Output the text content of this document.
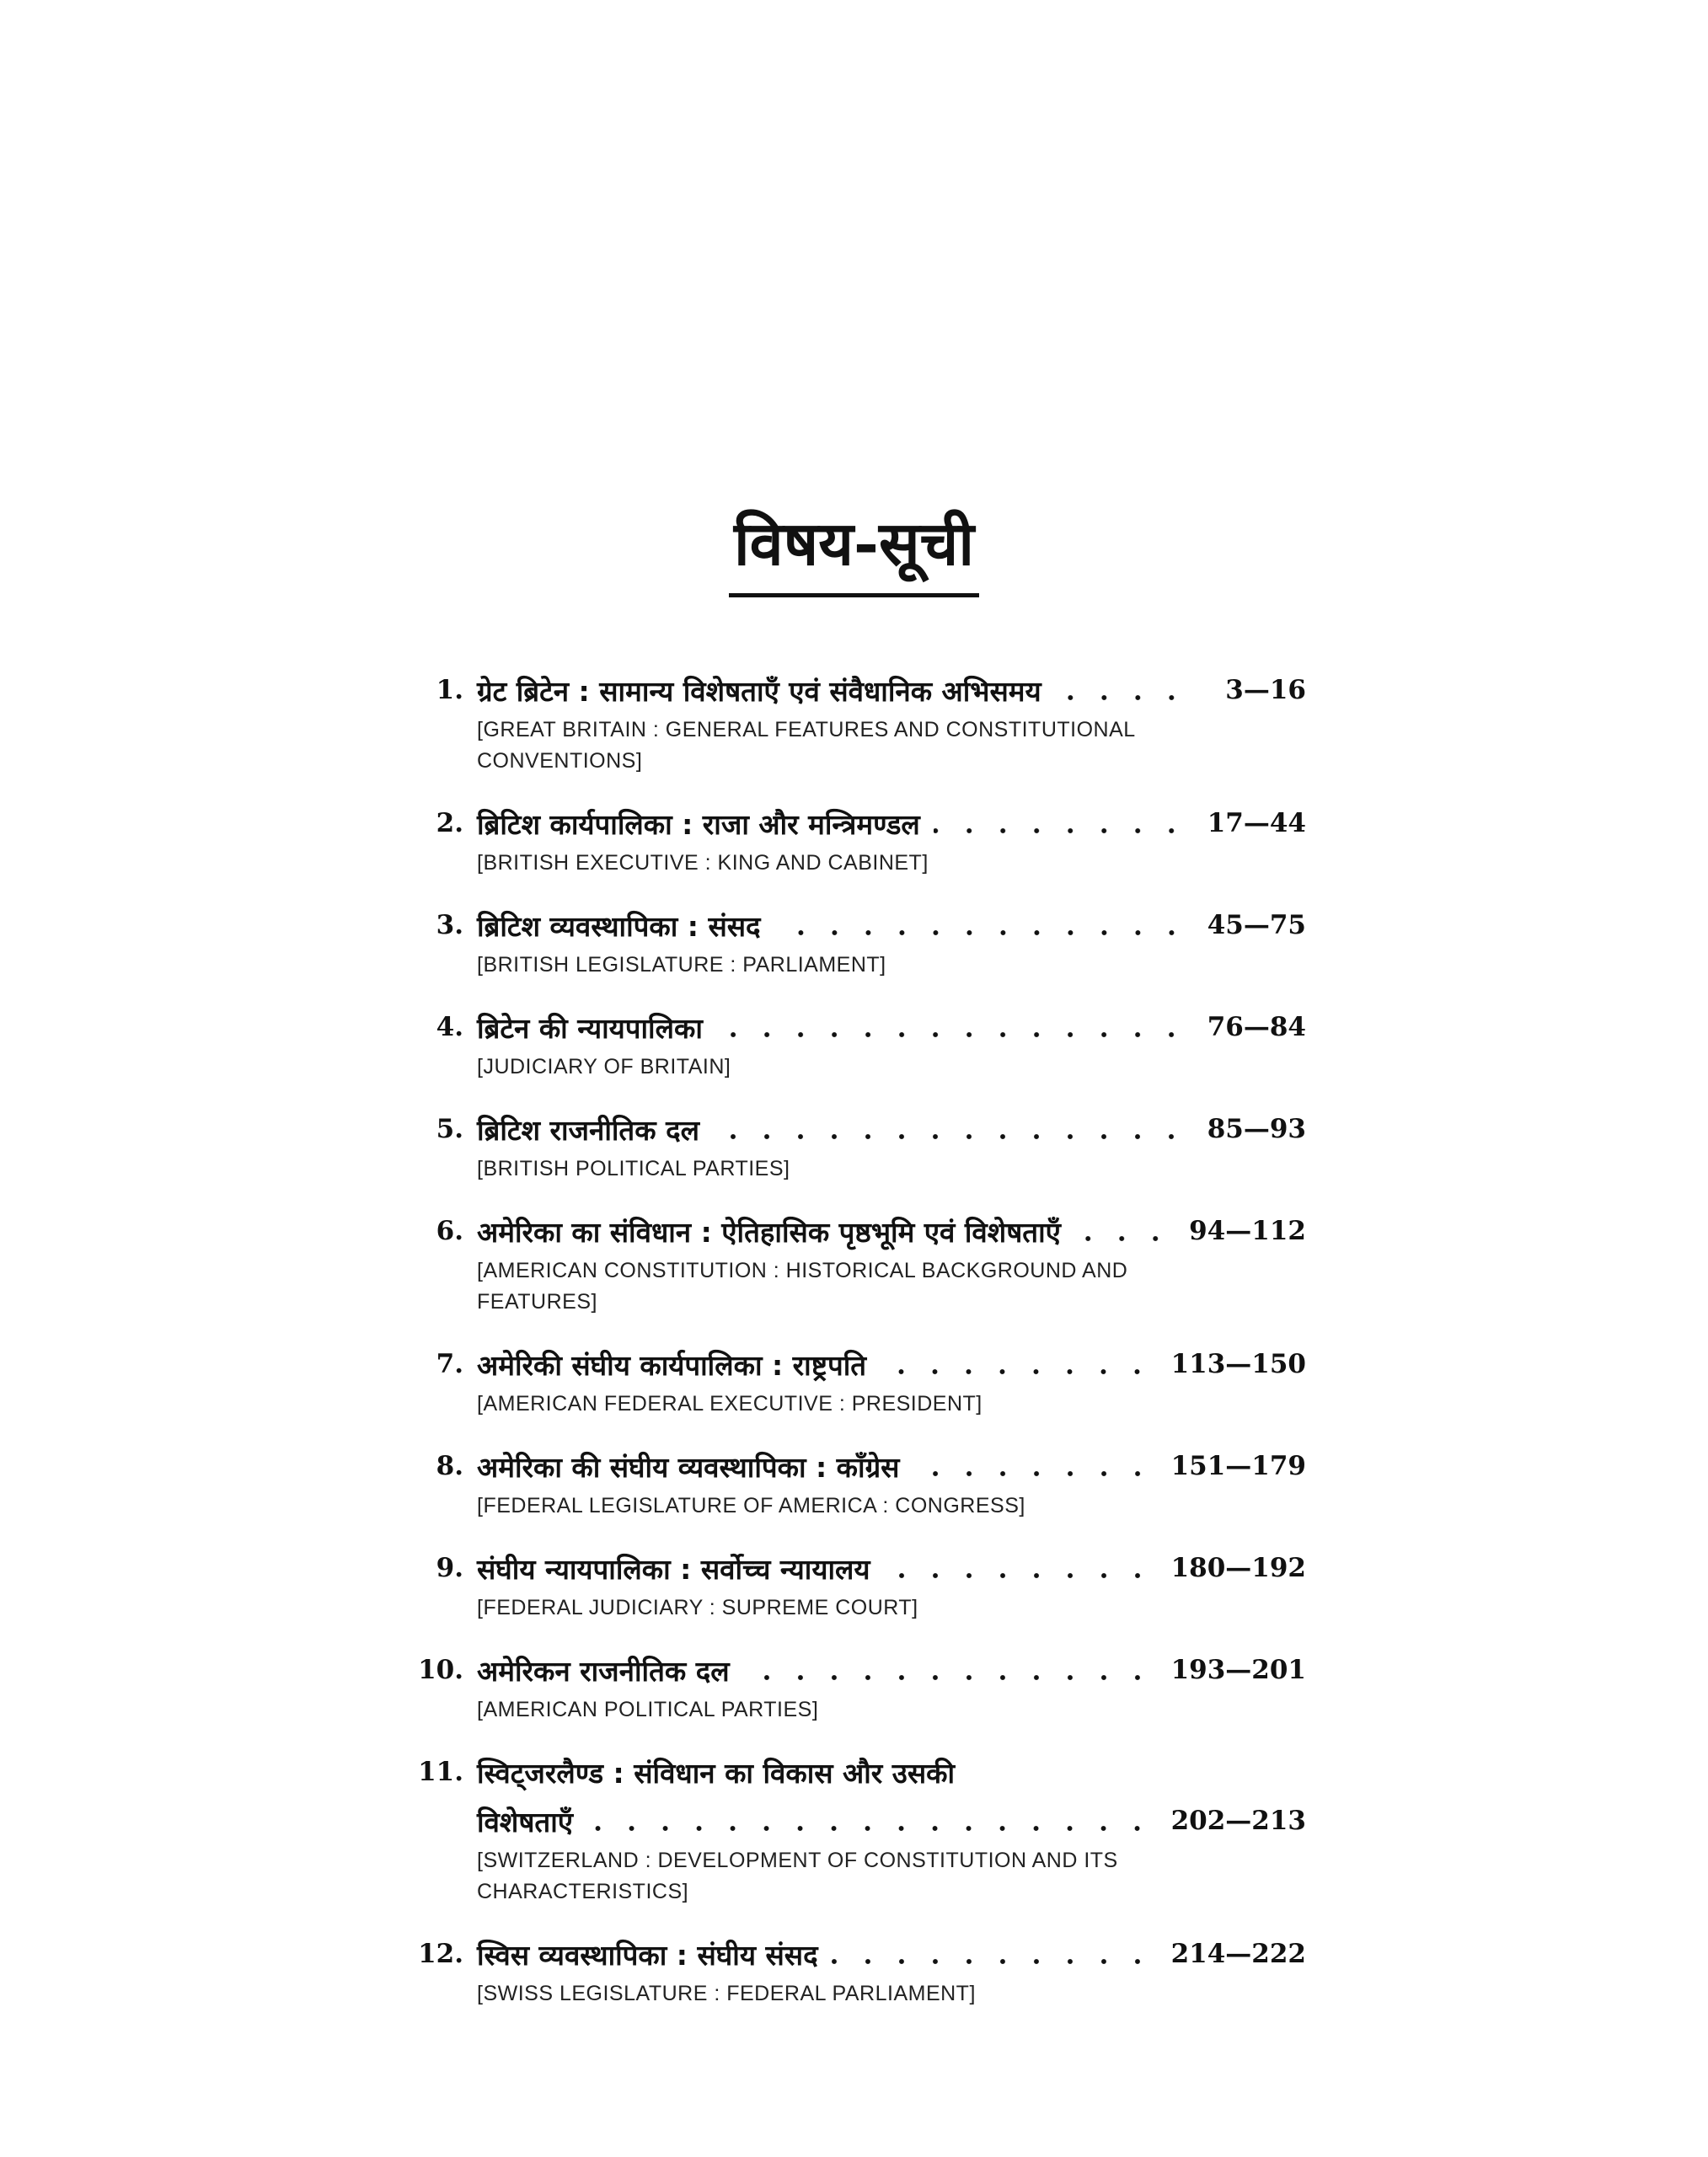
विषय-सूची
1. ग्रेट ब्रिटेन : सामान्य विशेषताएँ एवं संवैधानिक अभिसमय	3—16
[GREAT BRITAIN : GENERAL FEATURES AND CONSTITUTIONAL CONVENTIONS]
2. ब्रिटिश कार्यपालिका : राजा और मन्त्रिमण्डल	17—44
[BRITISH EXECUTIVE : KING AND CABINET]
3. ब्रिटिश व्यवस्थापिका : संसद	45—75
[BRITISH LEGISLATURE : PARLIAMENT]
4. ब्रिटेन की न्यायपालिका	76—84
[JUDICIARY OF BRITAIN]
5. ब्रिटिश राजनीतिक दल	85—93
[BRITISH POLITICAL PARTIES]
6. अमेरिका का संविधान : ऐतिहासिक पृष्ठभूमि एवं विशेषताएँ	94—112
[AMERICAN CONSTITUTION : HISTORICAL BACKGROUND AND FEATURES]
7. अमेरिकी संघीय कार्यपालिका : राष्ट्रपति	113—150
[AMERICAN FEDERAL EXECUTIVE : PRESIDENT]
8. अमेरिका की संघीय व्यवस्थापिका : काँग्रेस	151—179
[FEDERAL LEGISLATURE OF AMERICA : CONGRESS]
9. संघीय न्यायपालिका : सर्वोच्च न्यायालय	180—192
[FEDERAL JUDICIARY : SUPREME COURT]
10. अमेरिकन राजनीतिक दल	193—201
[AMERICAN POLITICAL PARTIES]
11. स्विट्जरलैण्ड : संविधान का विकास और उसकी
विशेषताएँ	202—213
[SWITZERLAND : DEVELOPMENT OF CONSTITUTION AND ITS CHARACTERISTICS]
12. स्विस व्यवस्थापिका : संघीय संसद	214—222
[SWISS LEGISLATURE : FEDERAL PARLIAMENT]
